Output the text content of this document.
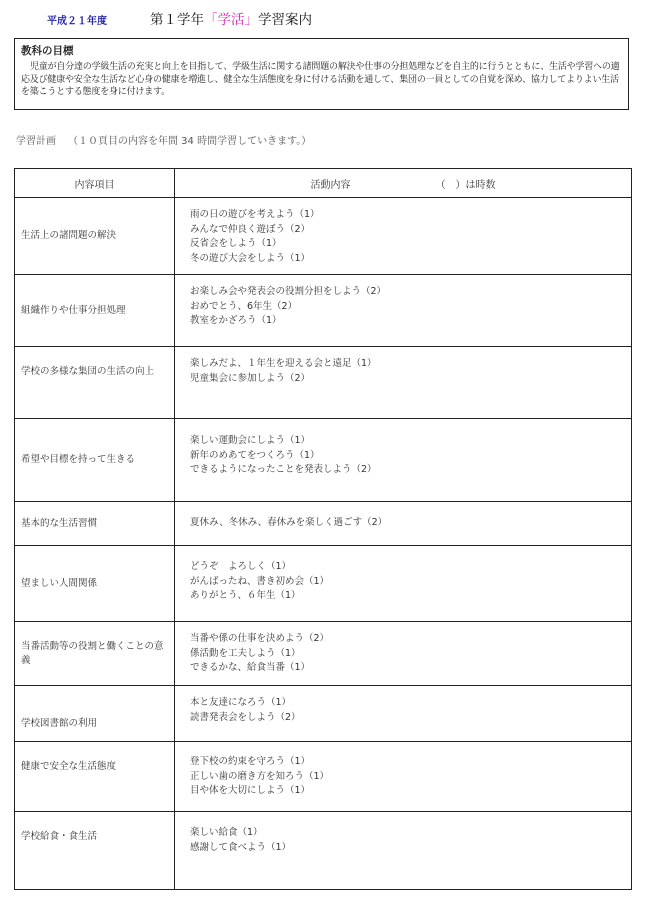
平成２１年度	第１学年「学活」学習案内

教科の目標

児童が自分達の学級生活の充実と向上を目指して、学級生活に関する諸問題の解決や仕事の分担処理などを自主的に行うとともに、生活や学習への適応及び健康や安全な生活など心身の健康を増進し、健全な生活態度を身に付ける活動を通して、集団の一員としての自覚を深め、協力してよりよい生活を築こうとする態度を身に付けます。

学習計画 （１０頁目の内容を年間 34 時間学習していきます。）
内容項目	活動内容 （　）は時数
生活上の諸問題の解決	雨の日の遊びを考えよう（1）
みんなで仲良く遊ぼう（2）
反省会をしよう（1）
冬の遊び大会をしよう（1）

組織作りや仕事分担処理	お楽しみ会や発表会の役割分担をしよう（2）
おめでとう、6年生（2）
教室をかざろう（1）

学校の多様な集団の生活の向上	楽しみだよ、１年生を迎える会と遠足（1）
児童集会に参加しよう（2）

希望や目標を持って生きる	楽しい運動会にしよう（1）
新年のめあてをつくろう（1）
できるようになったことを発表しよう（2）

基本的な生活習慣	夏休み、冬休み、春休みを楽しく過ごす（2）

望ましい人間関係	どうぞ　よろしく（1）
がんばったね、書き初め会（1）
ありがとう、６年生（1）

当番活動等の役割と働くことの意義	当番や係の仕事を決めよう（2）
係活動を工夫しよう（1）
できるかな、給食当番（1）

学校図書館の利用	本と友達になろう（1）
読書発表会をしよう（2）

健康で安全な生活態度	登下校の約束を守ろう（1）
正しい歯の磨き方を知ろう（1）
目や体を大切にしよう（1）

学校給食・食生活	楽しい給食（1）
感謝して食べよう（1）
